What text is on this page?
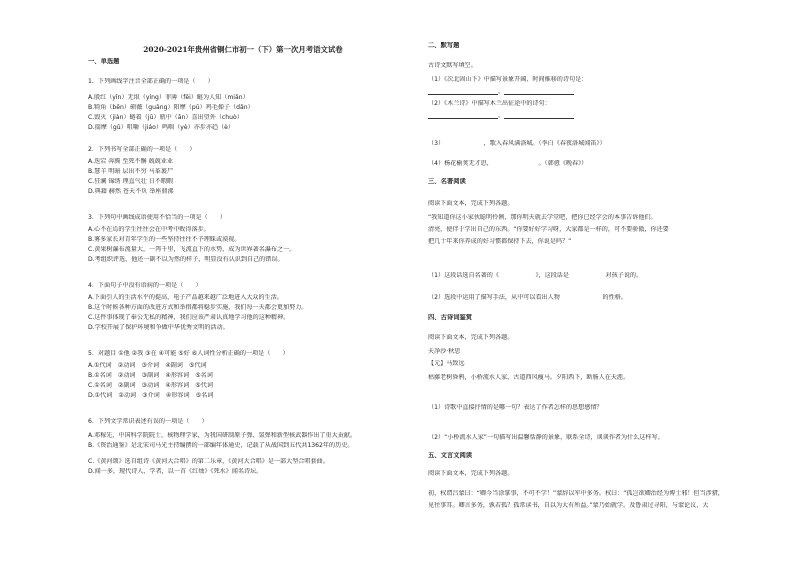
2020-2021年贵州省铜仁市初一（下）第一次月考语文试卷
一、单选题
1．下列画线字注音全部正确的一项是（　　）
A.殷红（yīn）无垠（yíng）菲薄（fēi）鲢为人知（miǎn）
B.犄角（bēn）硕薇（guāng）阳摩（pū）鸡毛掸子（dǎn）
C.毁灭（jiàn）蜷着（jū）瓶中（ān）喜出望外（chuò）
D.揣摩（gǔ）咀嚼（jiáo）鸣咽（yè）亦步亦趋（è）
2．下列书写全部正确的一项是（　　）
A.迭宕 奔腾 至死不懈 兢兢业业
B.慧羊 明暗 层出不穷 马革裹尸
C.狂澜 锦绣 理直气壮 日不暇暇
D.典籍 赫然 苍天不负 举座鼎沸
3．下列句中画线成语使用不恰当的一项是（　　）
A.心不在焉的学生往往会在中考中败得落步。
B.雾多家长对青年学生的一些坚持往往不予理睬或漠视。
C.黄果树瀑布流量大，一泻千里，飞流直下的水势，成为世界著名瀑布之一。
D.考组织评选，他还一副不以为然的样子，明显没有认识到自己的错误。
4．下面句子中没有语病的一项是（　　）
A.下面引人的生活水平的提高，电子产品越来越广泛地进入大众的生活。
B.这个时候各种方面的改进方式和举措都将稳步实施，我们每一天都会更加努力。
C.这件事体现了奉公无私的精神，我们应该严肃认真地学习他的这种精神。
D.学校开展了保护环境和争做中华优秀文明的活动。
5．对题目 ①他 ②我 ③在 ④可能 ⑤好 ⑥人词性分析正确的一项是（　　）
A.①代词　②动词　③介词　④副词　⑤代词
B.①名词　②动词　③副词　④形容词　⑤名词
C.①名词　②副词　③动词　④形容词　⑤代词
D.①代词　②动词　③介词　④形容词　⑤名词
6．下列文学常识表述有误的一项是（　　）
A.邓稼先，中国科学院院士，核物理学家，为我国研制原子弹、氢弹和新型核武器作出了重大贡献。
B.《资治通鉴》是北宋司马光主持编撰的一部编年体通史，记载了从战国到五代共1362年的历史。
C.《黄河颂》选自组诗《黄河大合唱》的第二乐章，《黄河大合唱》是一部大型合唱套曲。
D.闻一多，现代诗人、学者，以一首《红烛》《死水》闻名诗坛。
二、默写题
古诗文默写填空。
（1）《次北固山下》中描写景象开阔、时间推移的诗句是：
，
（2）《木兰诗》中描写木兰出征途中的诗句：
，
（3）　　　　　　　，歌入春风满洛城。（李白《春夜洛城闻笛》）
（4）杨花榆荚无才思，　　　　　　　　。（韩愈《晚春》）
三、名著阅读
阅读下面文本，完成下列各题。
“我知道你这小家伙聪明伶俐，那你明天就去学堂吧，把你已经学会的本事告诉他们。
清亮，使伴于学出自己的东西。“你要好好学习呀，大家都是一样的，可不要骄傲，你还要
把几十年来你养成的好习惯都保持下去，你说是吗？”
（1）这段话选自名著的《　　　　　　》，这段话是　　　　　　对孩子说的。
（2）选段中运用了描写手法，从中可以看出人物　　　　　　　的性格。
四、古诗词鉴赏
阅读下面文本，完成下列各题。
天净沙·秋思
【元】马致远
枯藤老树昏鸦，小桥流水人家，古道西风瘦马。夕阳西下，断肠人在天涯。
（1）诗歌中直接抒情的是哪一句？表达了作者怎样的思想感情？
（2）“小桥流水人家”一句描写出温馨恬静的景象，联系全诗，谈谈作者为什么这样写。
五、文言文阅读
阅读下面文本，完成下列各题。
初，权谓吕蒙曰：“卿今当涂掌事，不可不学！”蒙辞以军中多务。权曰：“孤岂欲卿治经为博士邪！但当涉猎，
见往事耳。卿言多务，孰若孤？孤常读书，自以为大有所益。”蒙乃始就学。及鲁肃过寻阳，与蒙论议，大
